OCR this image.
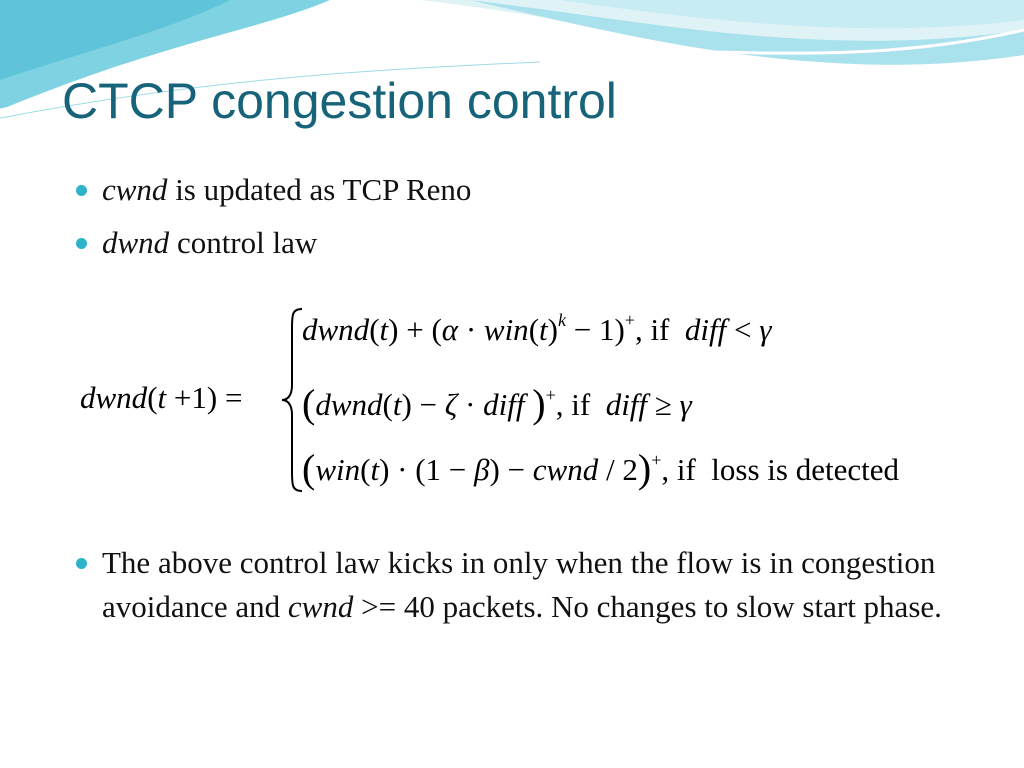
CTCP congestion control
cwnd is updated as TCP Reno
dwnd control law
dwnd(t +1) =
dwnd(t) + $(\alpha \cdot win(t)^k - 1)^+$, if  diff < γ
(dwnd(t) − ζ · diff )+, if  diff ≥ γ
(win(t) · (1 − β) − cwnd / 2)+, if  loss is detected
The above control law kicks in only when the flow is in congestion avoidance and cwnd >= 40 packets. No changes to slow start phase.
